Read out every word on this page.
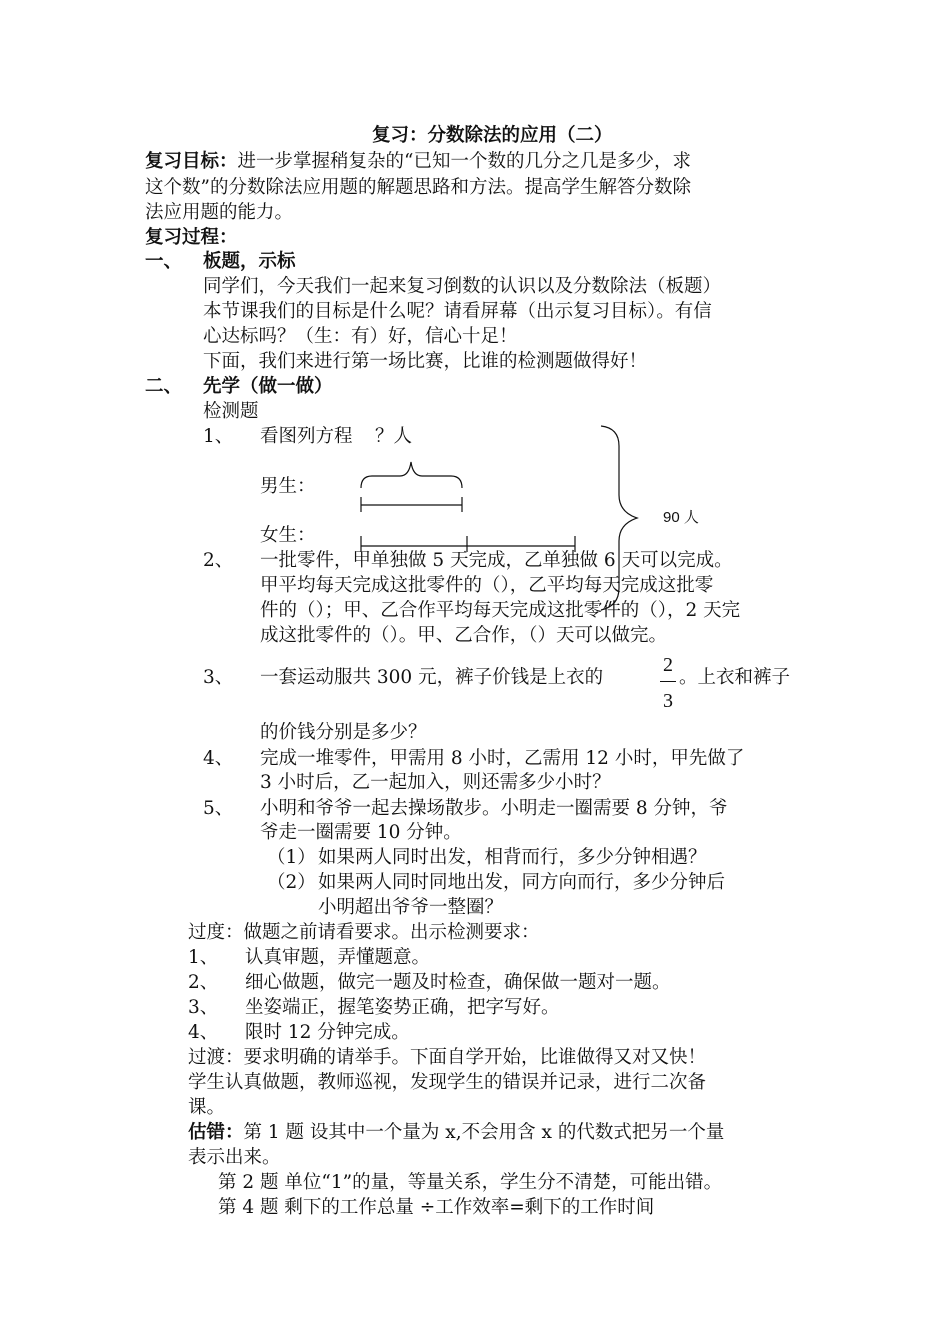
复习：分数除法的应用（二）
复习目标：进一步掌握稍复杂的“已知一个数的几分之几是多少，求
这个数”的分数除法应用题的解题思路和方法。提高学生解答分数除
法应用题的能力。
复习过程：
一、 板题，示标
同学们，今天我们一起来复习倒数的认识以及分数除法（板题）
本节课我们的目标是什么呢？请看屏幕（出示复习目标）。有信
心达标吗？（生：有）好，信心十足！
下面，我们来进行第一场比赛，比谁的检测题做得好！
二、 先学（做一做）
检测题
1、 看图列方程 ？人
男生：
女生：
90 人
2、 一批零件，甲单独做 5 天完成，乙单独做 6 天可以完成。
甲平均每天完成这批零件的（），乙平均每天完成这批零
件的（）；甲、乙合作平均每天完成这批零件的（），2 天完
成这批零件的（）。甲、乙合作，（）天可以做完。
3、 一套运动服共 300 元，裤子价钱是上衣的
2
3
。上衣和裤子
的价钱分别是多少？
4、 完成一堆零件，甲需用 8 小时，乙需用 12 小时，甲先做了
3 小时后，乙一起加入，则还需多少小时？
5、 小明和爷爷一起去操场散步。小明走一圈需要 8 分钟，爷
爷走一圈需要 10 分钟。
（1） 如果两人同时出发，相背而行，多少分钟相遇？
（2） 如果两人同时同地出发，同方向而行，多少分钟后
小明超出爷爷一整圈？
过度：做题之前请看要求。出示检测要求：
1、 认真审题，弄懂题意。
2、 细心做题，做完一题及时检查，确保做一题对一题。
3、 坐姿端正，握笔姿势正确，把字写好。
4、 限时 12 分钟完成。
过渡：要求明确的请举手。下面自学开始，比谁做得又对又快！
学生认真做题，教师巡视，发现学生的错误并记录，进行二次备
课。
估错：第 1 题 设其中一个量为 x,不会用含 x 的代数式把另一个量
表示出来。
第 2 题 单位“1”的量，等量关系，学生分不清楚，可能出错。
第 4 题 剩下的工作总量 ÷工作效率=剩下的工作时间
